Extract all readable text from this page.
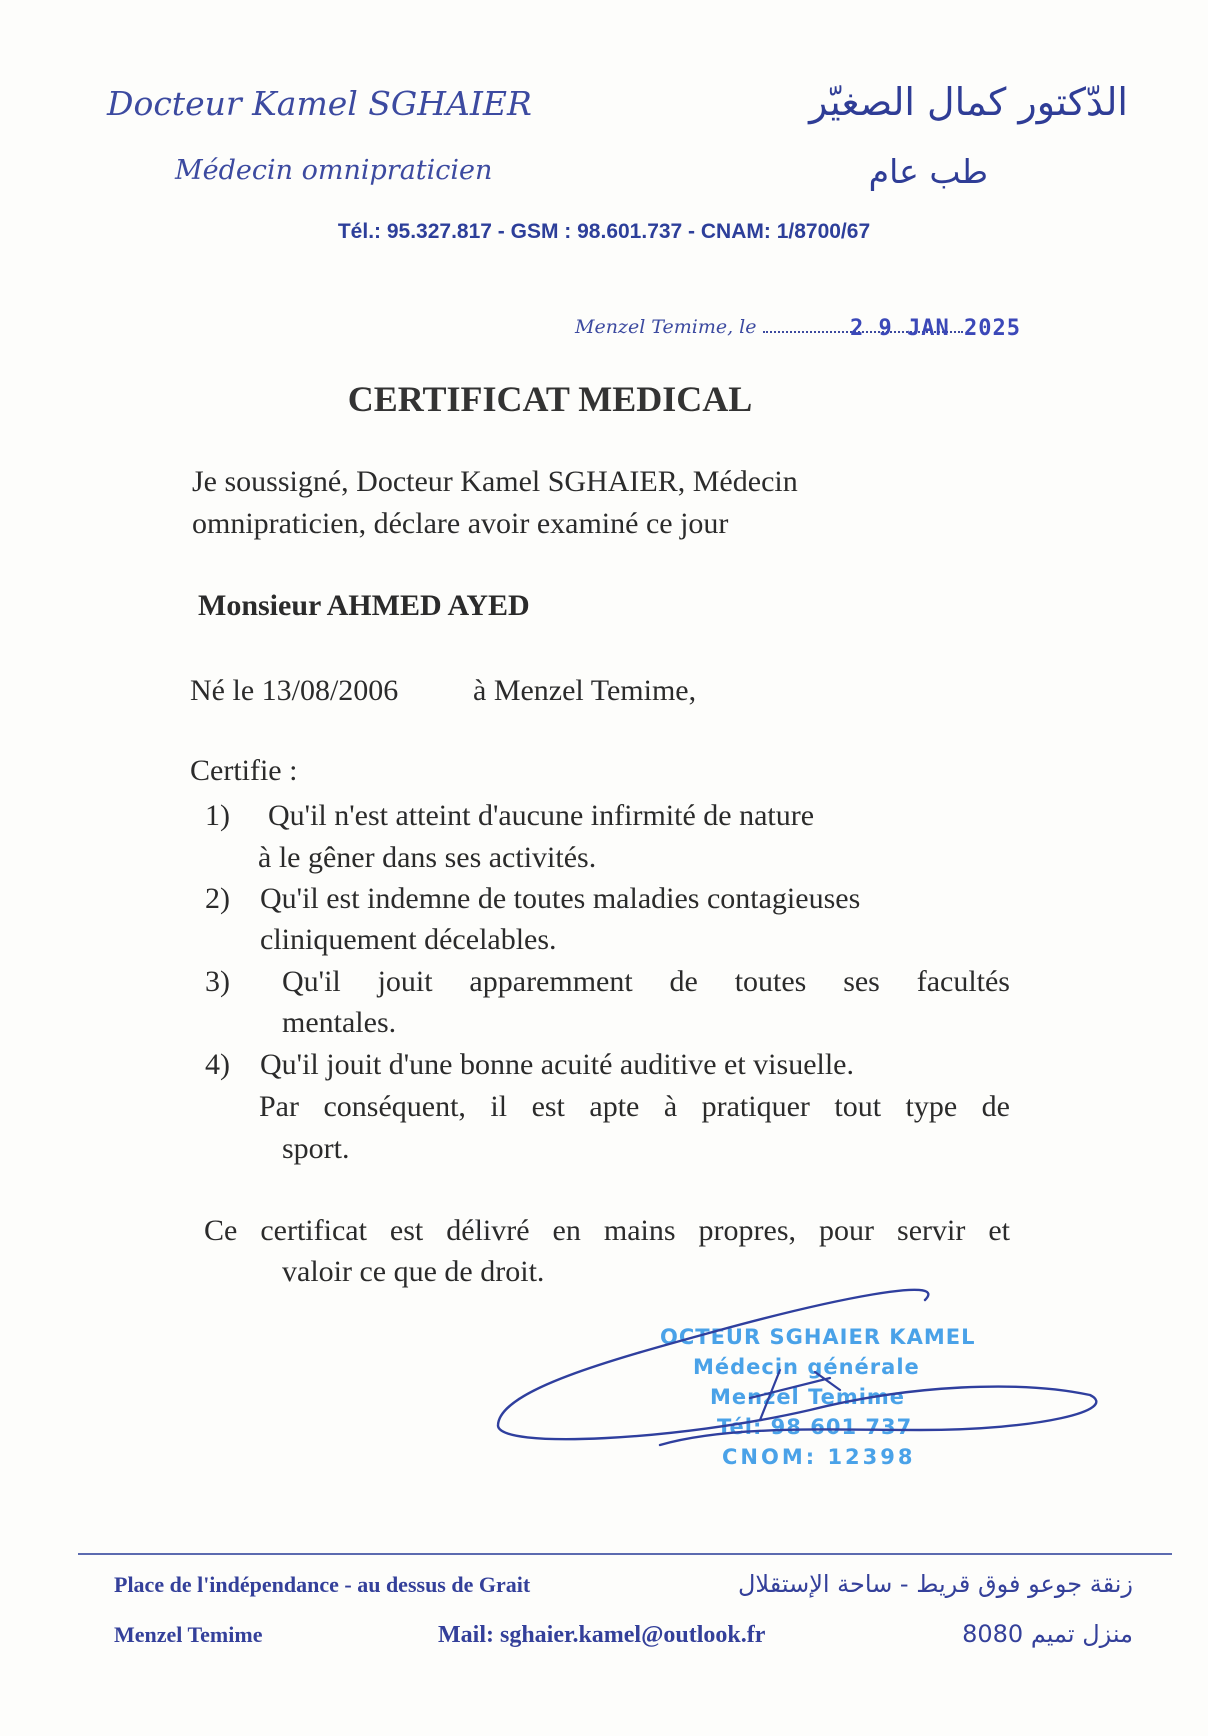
Docteur Kamel SGHAIER
Médecin omnipraticien
الدّكتور كمال الصغيّر
طب عام
Tél.: 95.327.817 - GSM : 98.601.737 - CNAM: 1/8700/67
Menzel Temime, le	2 9 JAN 2025
CERTIFICAT MEDICAL
Je soussigné, Docteur Kamel SGHAIER, Médecin
omnipraticien, déclare avoir examiné ce jour
Monsieur AHMED AYED
Né le 13/08/2006 à Menzel Temime,
Certifie :
1) Qu'il n'est atteint d'aucune infirmité de nature
à le gêner dans ses activités.
2) Qu'il est indemne de toutes maladies contagieuses
cliniquement décelables.
3) Qu'il jouit apparemment de toutes ses facultés
mentales.
4) Qu'il jouit d'une bonne acuité auditive et visuelle.
Par conséquent, il est apte à pratiquer tout type de
sport.
Ce certificat est délivré en mains propres, pour servir et
valoir ce que de droit.
OCTEUR SGHAIER KAMEL
Médecin générale
Menzel Temime
Tél: 98 601 737
CNOM: 12398
Place de l'indépendance - au dessus de Grait
Menzel Temime	Mail: sghaier.kamel@outlook.fr
زنقة جوعو فوق قريط - ساحة الإستقلال
منزل تميم 8080
